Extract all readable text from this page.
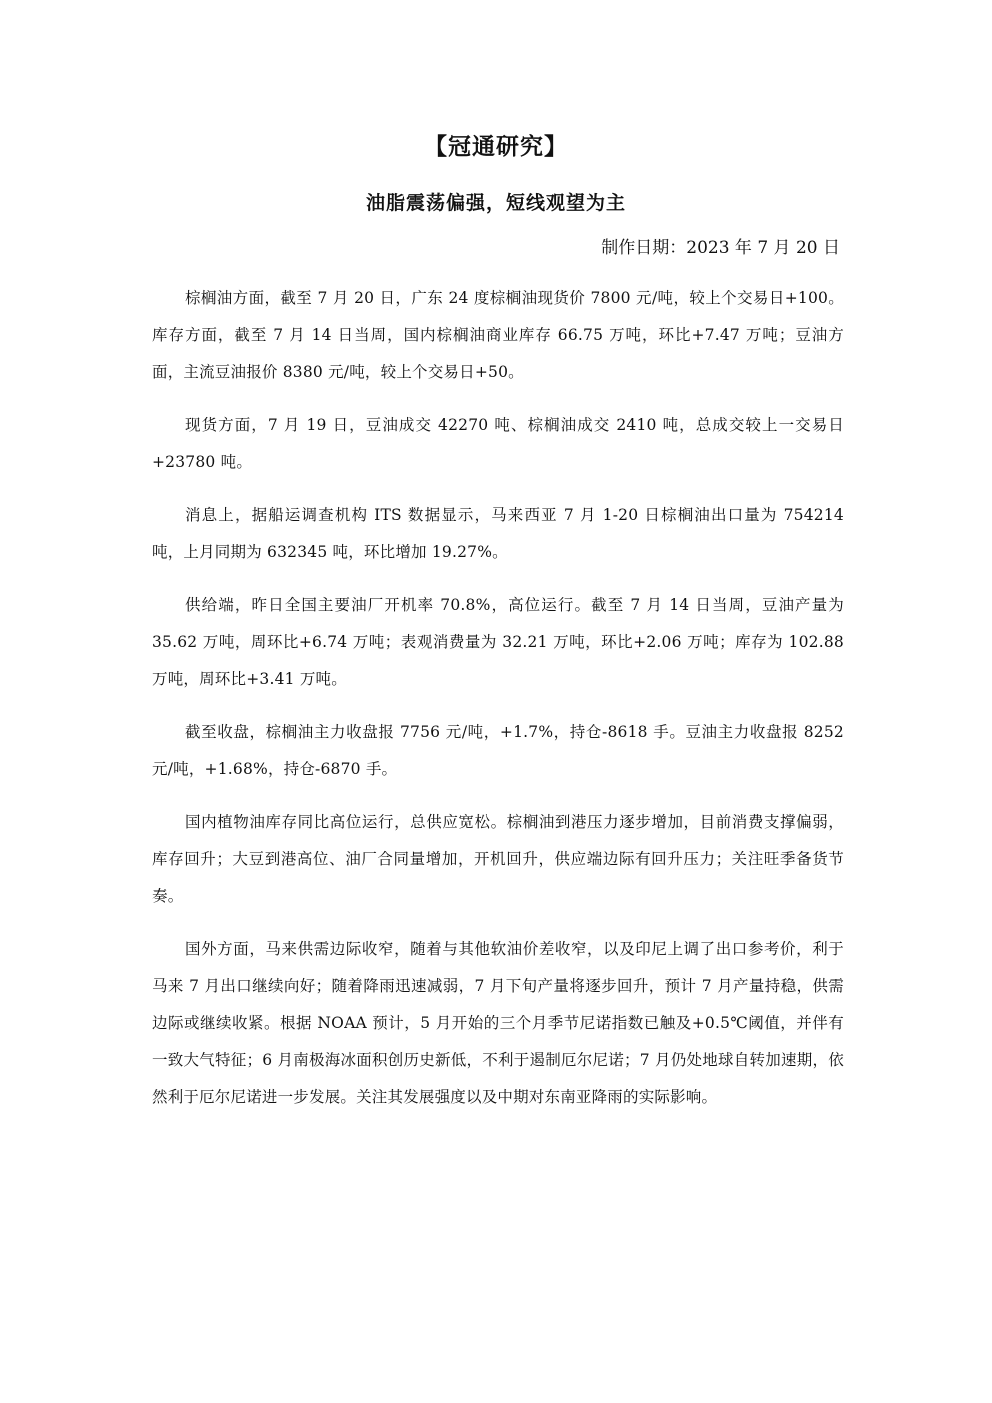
【冠通研究】
油脂震荡偏强，短线观望为主
制作日期：2023 年 7 月 20 日

棕榈油方面，截至 7 月 20 日，广东 24 度棕榈油现货价 7800 元/吨，较上个交易日+100。库存方面，截至 7 月 14 日当周，国内棕榈油商业库存 66.75 万吨，环比+7.47 万吨；豆油方面，主流豆油报价 8380 元/吨，较上个交易日+50。

现货方面，7 月 19 日，豆油成交 42270 吨、棕榈油成交 2410 吨，总成交较上一交易日+23780 吨。

消息上，据船运调查机构 ITS 数据显示，马来西亚 7 月 1-20 日棕榈油出口量为 754214 吨，上月同期为 632345 吨，环比增加 19.27%。

供给端，昨日全国主要油厂开机率 70.8%，高位运行。截至 7 月 14 日当周，豆油产量为 35.62 万吨，周环比+6.74 万吨；表观消费量为 32.21 万吨，环比+2.06 万吨；库存为 102.88 万吨，周环比+3.41 万吨。

截至收盘，棕榈油主力收盘报 7756 元/吨，+1.7%，持仓-8618 手。豆油主力收盘报 8252 元/吨，+1.68%，持仓-6870 手。

国内植物油库存同比高位运行，总供应宽松。棕榈油到港压力逐步增加，目前消费支撑偏弱，库存回升；大豆到港高位、油厂合同量增加，开机回升，供应端边际有回升压力；关注旺季备货节奏。

国外方面，马来供需边际收窄，随着与其他软油价差收窄，以及印尼上调了出口参考价，利于马来 7 月出口继续向好；随着降雨迅速减弱，7 月下旬产量将逐步回升，预计 7 月产量持稳，供需边际或继续收紧。根据 NOAA 预计，5 月开始的三个月季节尼诺指数已触及+0.5℃阈值，并伴有一致大气特征；6 月南极海冰面积创历史新低，不利于遏制厄尔尼诺；7 月仍处地球自转加速期，依然利于厄尔尼诺进一步发展。关注其发展强度以及中期对东南亚降雨的实际影响。
